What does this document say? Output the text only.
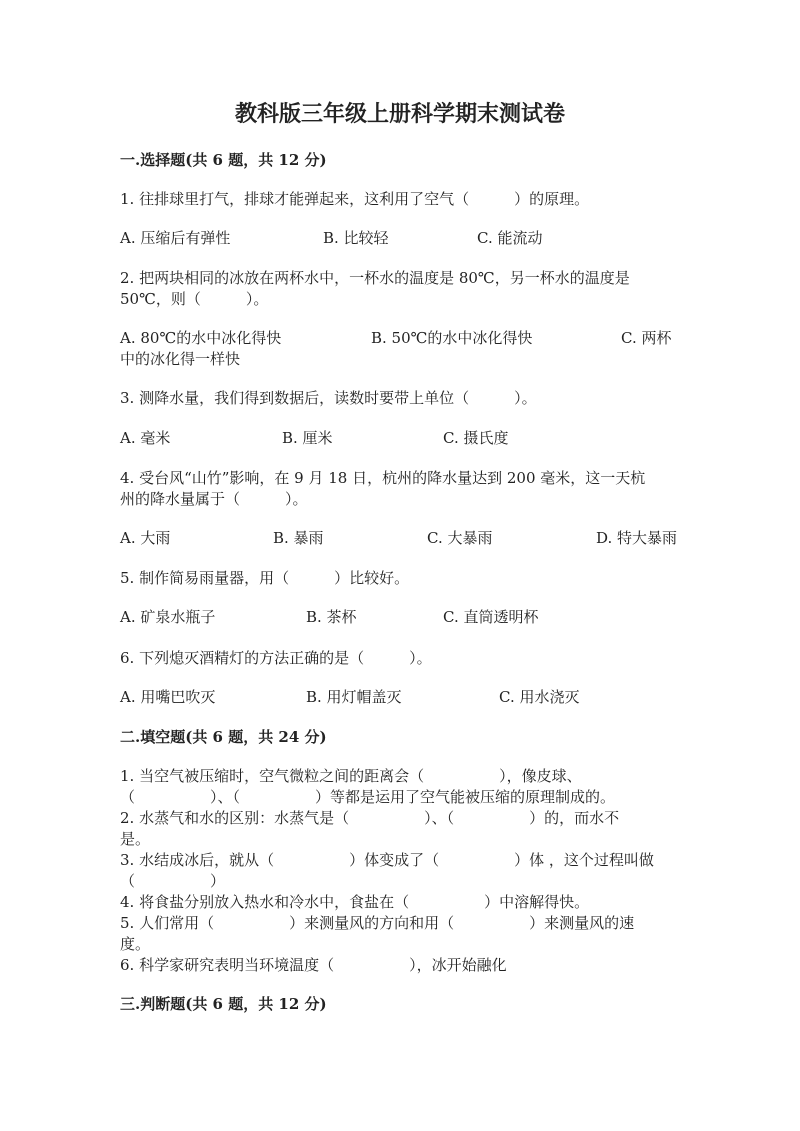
教科版三年级上册科学期末测试卷
一.选择题(共 6 题，共 12 分)
1. 往排球里打气，排球才能弹起来，这利用了空气（　　　）的原理。
A. 压缩后有弹性	B. 比较轻	C. 能流动
2. 把两块相同的冰放在两杯水中，一杯水的温度是 80℃，另一杯水的温度是
50℃，则（　　　）。
A. 80℃的水中冰化得快	B. 50℃的水中冰化得快	C. 两杯
中的冰化得一样快
3. 测降水量，我们得到数据后，读数时要带上单位（　　　）。
A. 毫米	B. 厘米	C. 摄氏度
4. 受台风“山竹”影响，在 9 月 18 日，杭州的降水量达到 200 毫米，这一天杭
州的降水量属于（　　　）。
A. 大雨	B. 暴雨	C. 大暴雨	D. 特大暴雨
5. 制作简易雨量器，用（　　　）比较好。
A. 矿泉水瓶子	B. 茶杯	C. 直筒透明杯
6. 下列熄灭酒精灯的方法正确的是（　　　）。
A. 用嘴巴吹灭	B. 用灯帽盖灭	C. 用水浇灭
二.填空题(共 6 题，共 24 分)
1. 当空气被压缩时，空气微粒之间的距离会（　　　　　），像皮球、
（　　　　　）、（　　　　　）等都是运用了空气能被压缩的原理制成的。
2. 水蒸气和水的区别：水蒸气是（　　　　　）、（　　　　　）的，而水不
是。
3. 水结成冰后，就从（　　　　　）体变成了（　　　　　）体 ，这个过程叫做
（　　　　　）
4. 将食盐分别放入热水和冷水中，食盐在（　　　　　）中溶解得快。
5. 人们常用（　　　　　）来测量风的方向和用（　　　　　）来测量风的速
度。
6. 科学家研究表明当环境温度（　　　　　），冰开始融化
三.判断题(共 6 题，共 12 分)
